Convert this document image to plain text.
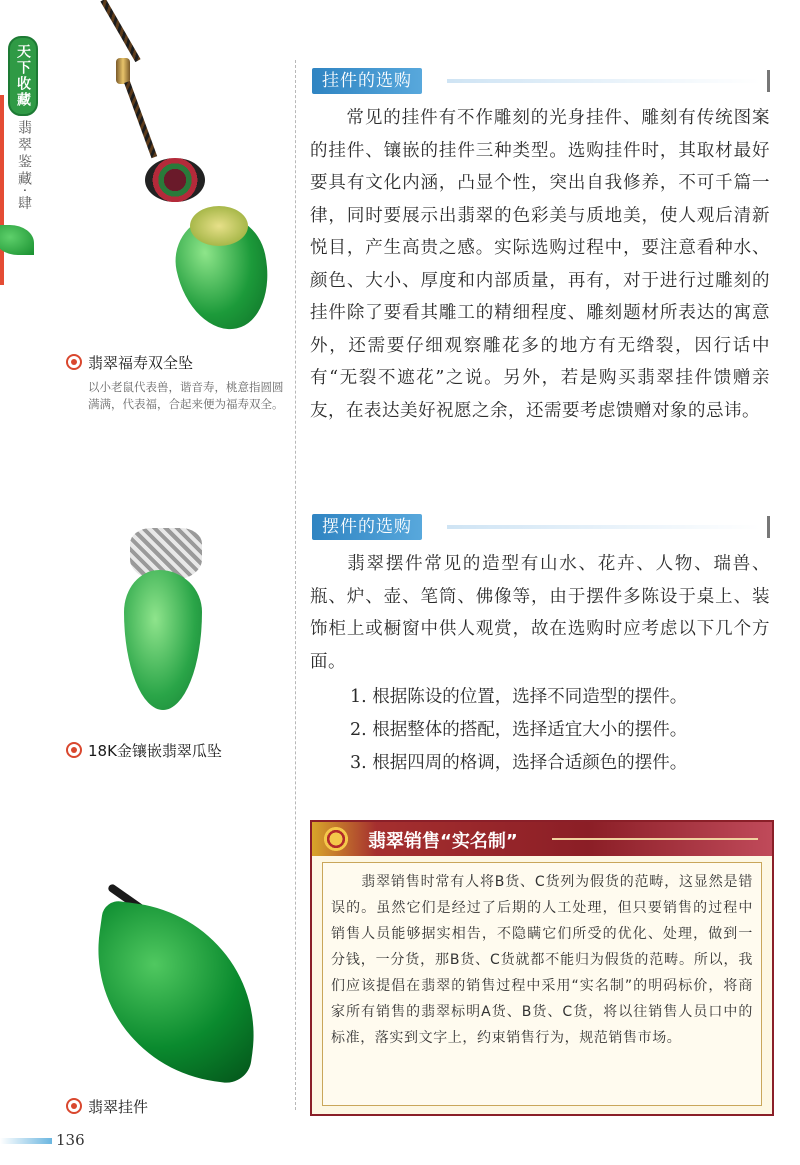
天下收藏
翡翠鉴藏·肆
翡翠福寿双全坠
以小老鼠代表兽，谐音寿，桃意指圆圆满满，代表福，合起来便为福寿双全。
18K金镶嵌翡翠瓜坠
翡翠挂件
挂件的选购
常见的挂件有不作雕刻的光身挂件、雕刻有传统图案的挂件、镶嵌的挂件三种类型。选购挂件时，其取材最好要具有文化内涵，凸显个性，突出自我修养，不可千篇一律，同时要展示出翡翠的色彩美与质地美，使人观后清新悦目，产生高贵之感。实际选购过程中，要注意看种水、颜色、大小、厚度和内部质量，再有，对于进行过雕刻的挂件除了要看其雕工的精细程度、雕刻题材所表达的寓意外，还需要仔细观察雕花多的地方有无绺裂，因行话中有“无裂不遮花”之说。另外，若是购买翡翠挂件馈赠亲友，在表达美好祝愿之余，还需要考虑馈赠对象的忌讳。
摆件的选购
翡翠摆件常见的造型有山水、花卉、人物、瑞兽、瓶、炉、壶、笔筒、佛像等，由于摆件多陈设于桌上、装饰柜上或橱窗中供人观赏，故在选购时应考虑以下几个方面。
1. 根据陈设的位置，选择不同造型的摆件。
2. 根据整体的搭配，选择适宜大小的摆件。
3. 根据四周的格调，选择合适颜色的摆件。
翡翠销售“实名制”
翡翠销售时常有人将B货、C货列为假货的范畴，这显然是错误的。虽然它们是经过了后期的人工处理，但只要销售的过程中销售人员能够据实相告，不隐瞒它们所受的优化、处理，做到一分钱，一分货，那B货、C货就都不能归为假货的范畴。所以，我们应该提倡在翡翠的销售过程中采用“实名制”的明码标价，将商家所有销售的翡翠标明A货、B货、C货，将以往销售人员口中的标准，落实到文字上，约束销售行为，规范销售市场。
136
